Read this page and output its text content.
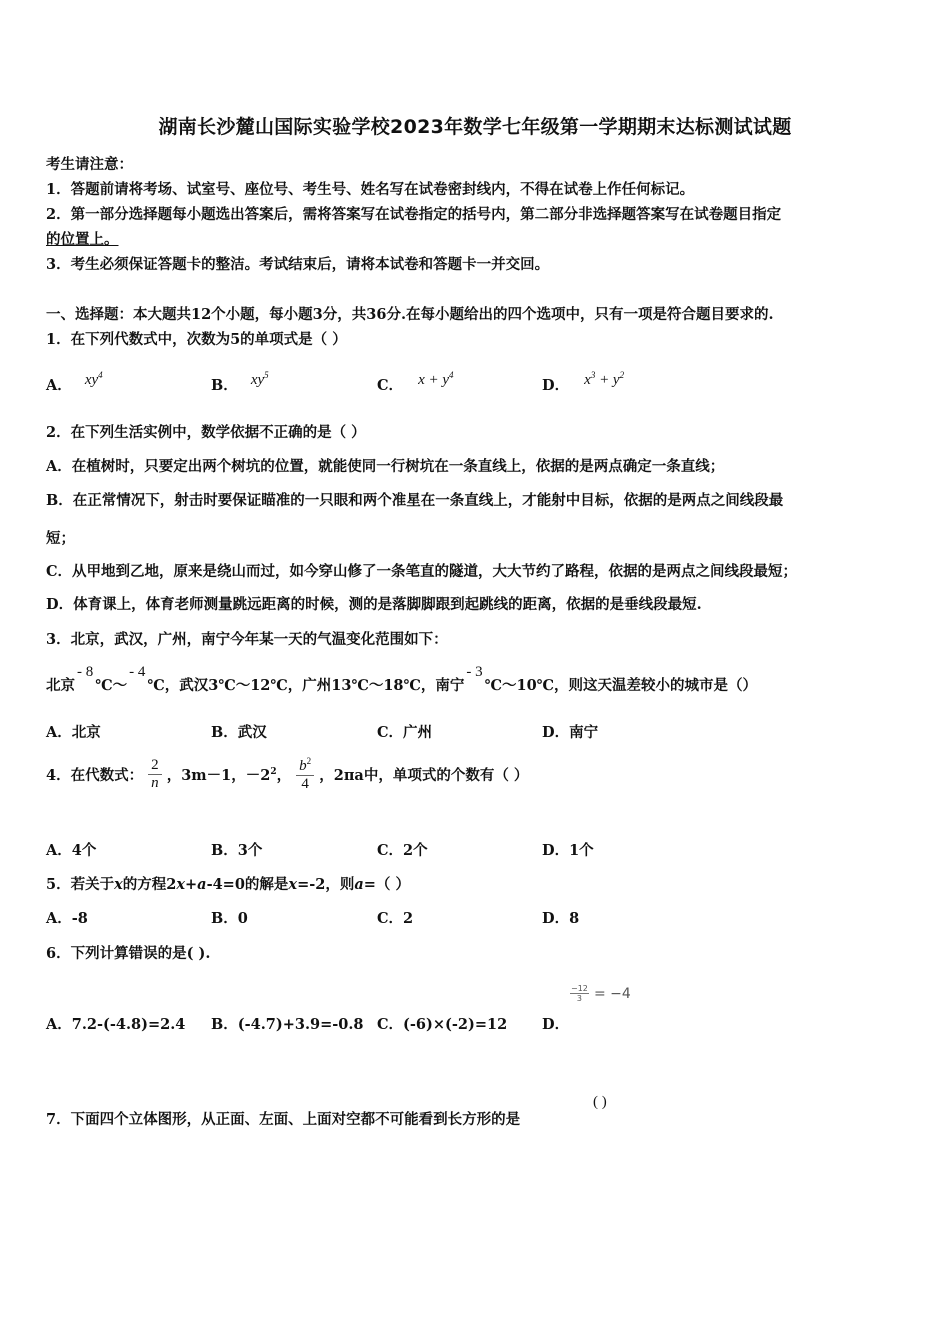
湖南长沙麓山国际实验学校2023年数学七年级第一学期期末达标测试试题
考生请注意：
1．答题前请将考场、试室号、座位号、考生号、姓名写在试卷密封线内，不得在试卷上作任何标记。
2．第一部分选择题每小题选出答案后，需将答案写在试卷指定的括号内，第二部分非选择题答案写在试卷题目指定
的位置上。
3．考生必须保证答题卡的整洁。考试结束后，请将本试卷和答题卡一并交回。
一、选择题：本大题共12个小题，每小题3分，共36分.在每小题给出的四个选项中，只有一项是符合题目要求的.
1．在下列代数式中，次数为5的单项式是（ ）
A． $xy^4$
B． $xy^5$
C． $x + y^4$
D． $x^3 + y^2$
2．在下列生活实例中，数学依据不正确的是（ ）
A．在植树时，只要定出两个树坑的位置，就能使同一行树坑在一条直线上，依据的是两点确定一条直线；
B．在正常情况下，射击时要保证瞄准的一只眼和两个准星在一条直线上，才能射中目标，依据的是两点之间线段最
短；
C．从甲地到乙地，原来是绕山而过，如今穿山修了一条笔直的隧道，大大节约了路程，依据的是两点之间线段最短；
D．体育课上，体育老师测量跳远距离的时候，测的是落脚脚跟到起跳线的距离，依据的是垂线段最短.
3．北京，武汉，广州，南宁今年某一天的气温变化范围如下：
北京- 8℃～- 4℃，武汉3℃～12℃，广州13℃～18℃，南宁- 3℃～10℃，则这天温差较小的城市是（）
A．北京	B．武汉	C．广州	D．南宁
4．在代数式： $\frac{2}{n}$ ，3m－1，$-2^2$， $\frac{b^2}{4}$ ，2πa中，单项式的个数有（ ）
A．4个	B．3个	C．2个	D．1个
5．若关于x的方程2x+a-4=0的解是x=-2，则a=（ ）
A．-8	B．0	C．2	D．8
6．下列计算错误的是( ).
A．7.2-(-4.8)=2.4 B．(-4.7)+3.9=-0.8 C．(-6)×(-2)=12 D．
$\frac{-12}{3} = -4$
7．下面四个立体图形，从正面、左面、上面对空都不可能看到长方形的是
( )
